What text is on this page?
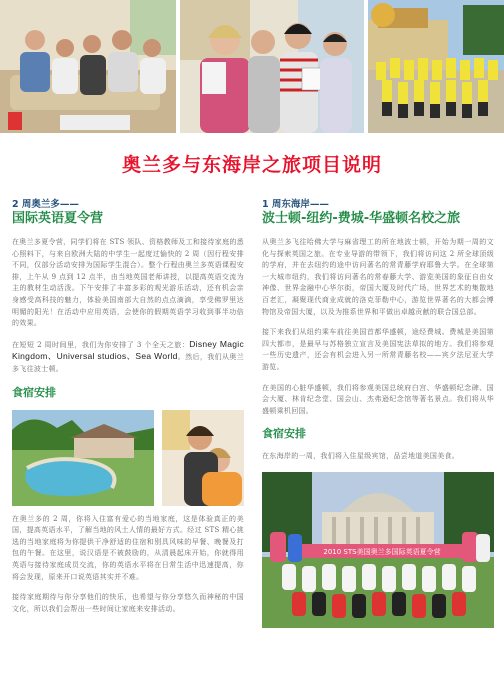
奥兰多与东海岸之旅项目说明

2 周奥兰多——

国际英语夏令营

在奥兰多夏令营，同学们将在 STS 领队、资格教师及工和接待家庭的悉心照料下，与来自欧洲大陆的中学生一起度过愉快的 2 周（因行程安排不同，仅部分活动安排为国际学生混合）。整个行程由奥兰多英语课程安排，上午从 9 点到 12 点半，由当地英国老师讲授，以提高英语交流为主的教材生动活泼。下午安排了丰富多彩的观光游乐活动，还有机会亲身感受高科技的魅力，体验美国南部大自然的点点滴滴，享受佛罗里达明媚的阳光！在活动中应用英语，会使你的假期英语学习收到事半功倍的效果。

在短短 2 周时间里，我们为你安排了 3 个全天之旅：Disney Magic Kingdom、Universal studios、Sea World。然后，我们从奥兰多飞往波士顿。

食宿安排

在奥兰多的 2 周，你将入住富有爱心的当地家庭，这是体验真正的美国，提高英语水平，了解当地的风土人情的最好方式。经过 STS 精心挑选的当地家庭将为你提供干净舒适的住宿和别具风味的早餐、晚餐及打包的午餐。在这里，说汉语是不被鼓励的，从清晨起床开始，你就得用英语与接待家庭成员交流，你的英语水平将在日常生活中迅速提高，你将会发现，原来开口说英语其实并不难。

接待家庭期待与你分享他们的快乐，也希望与你分享悠久而神秘的中国文化，所以我们会帮出一些时间让家庭来安排活动。

1 周东海岸——

波士顿-纽约-费城-华盛顿名校之旅

从奥兰多飞往哈佛大学与麻省理工的所在地波士顿，开始为期一周的文化与探索英国之旅。在专业导游的带领下，我们将访问这 2 所全球顶级的学府，并在去纽约的途中访问著名的常青藤学府耶鲁大学。在全球第一大城市纽约，我们将访问著名的常春藤大学、游览美国的象征自由女神像、世界金融中心华尔街，帝国大厦及时代广场，世界艺术的集散地百老汇，凝聚现代商业成就的洛克菲勒中心，游览世界著名的大都会博物馆及帝国大厦，以及为推系世界和平做出卓越贡献的联合国总部。

接下来我们从纽约乘车前往美国首都华盛顿，途经费城。费城是美国第四大都市，是最早与苏格独立宣言及美国宪法草拟的地方。我们将参观一些历史遗产，还会有机会进入另一所常青藤名校——宾夕法尼亚大学游览。

在美国的心脏华盛顿，我们将参观美国总统府白宫、华盛顿纪念碑、国会大厦、林肯纪念堂、国会山、杰弗逊纪念馆等著名景点。我们将从华盛顿乘机回国。

食宿安排

在东海岸的一周，我们将入住星级宾馆，品尝地道美国美食。

2010 STS美国奥兰多国际英语夏令营
